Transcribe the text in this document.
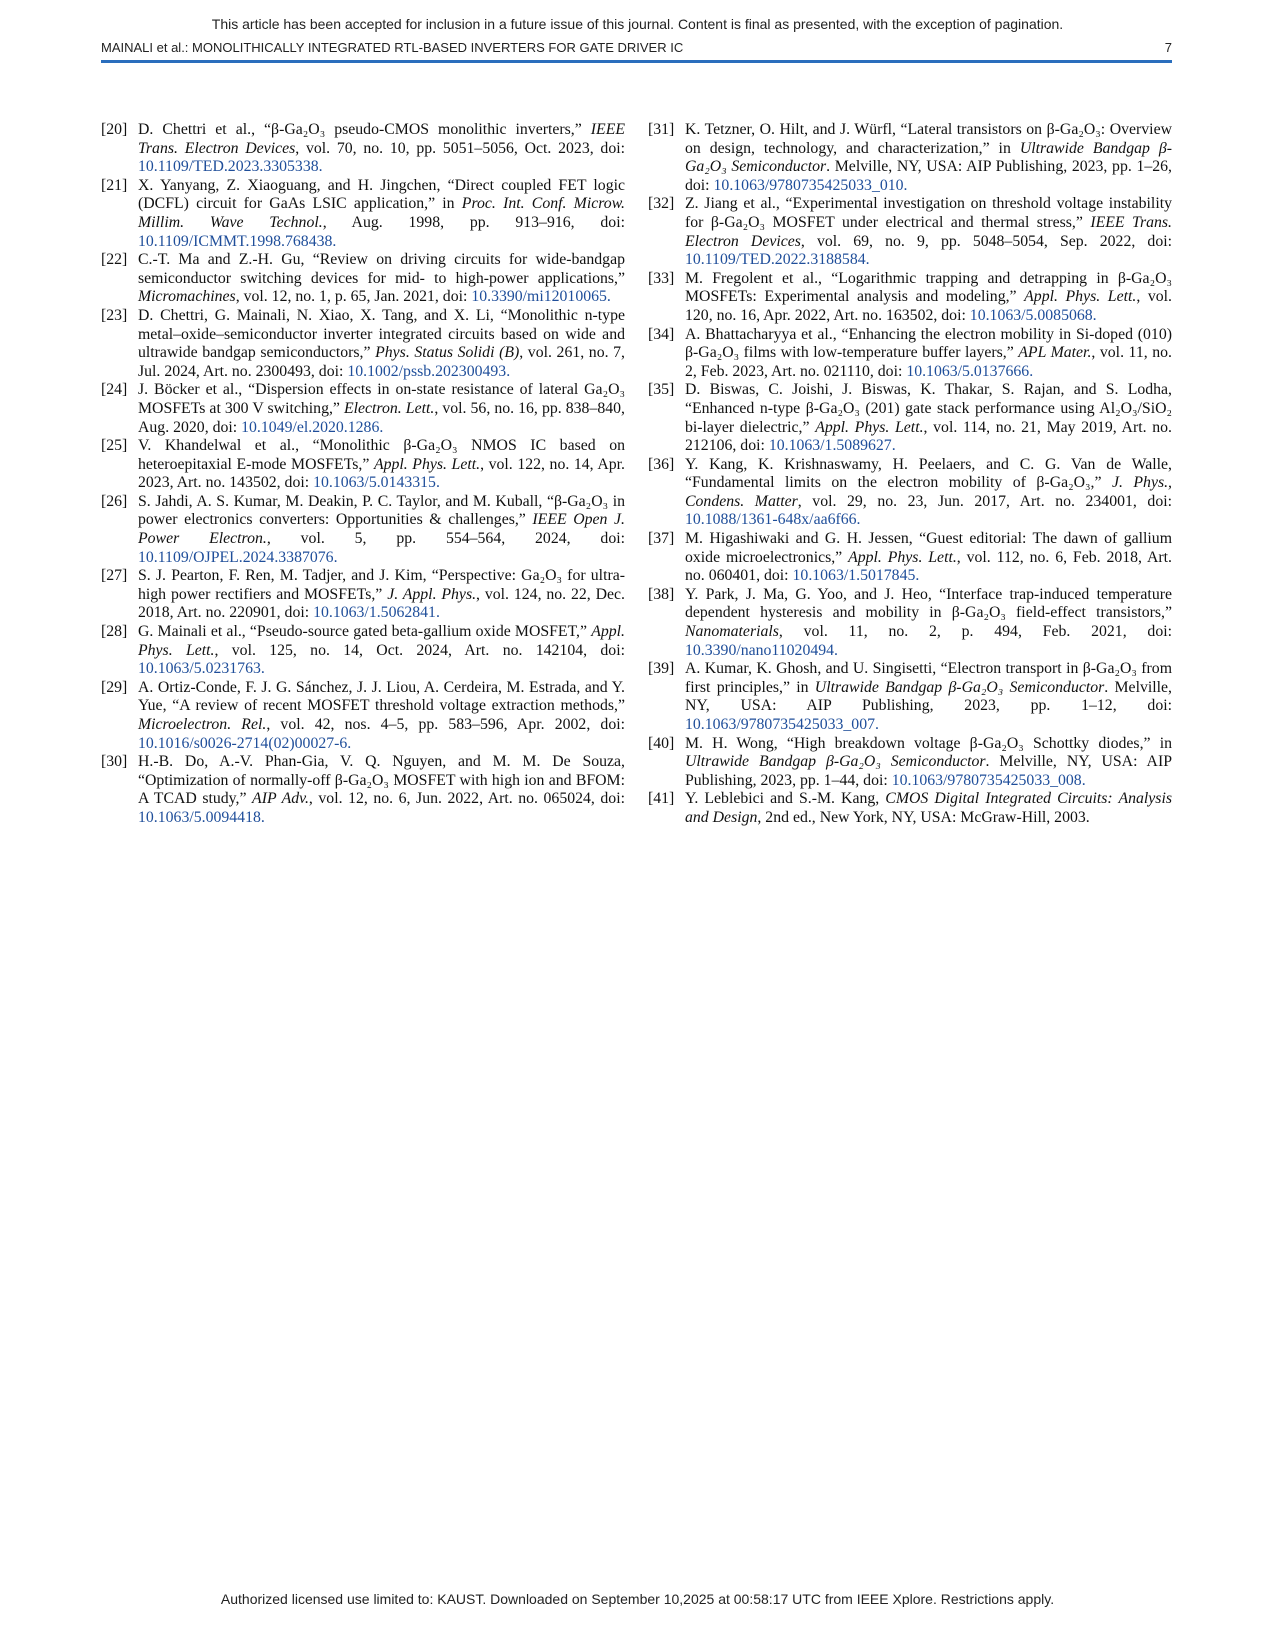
This article has been accepted for inclusion in a future issue of this journal. Content is final as presented, with the exception of pagination.
MAINALI et al.: MONOLITHICALLY INTEGRATED RTL-BASED INVERTERS FOR GATE DRIVER IC	7
[20] D. Chettri et al., “β-Ga₂O₃ pseudo-CMOS monolithic inverters,” IEEE Trans. Electron Devices, vol. 70, no. 10, pp. 5051–5056, Oct. 2023, doi: 10.1109/TED.2023.3305338.
[21] X. Yanyang, Z. Xiaoguang, and H. Jingchen, “Direct coupled FET logic (DCFL) circuit for GaAs LSIC application,” in Proc. Int. Conf. Microw. Millim. Wave Technol., Aug. 1998, pp. 913–916, doi: 10.1109/ICMMT.1998.768438.
[22] C.-T. Ma and Z.-H. Gu, “Review on driving circuits for wide-bandgap semiconductor switching devices for mid- to high-power applications,” Micromachines, vol. 12, no. 1, p. 65, Jan. 2021, doi: 10.3390/mi12010065.
[23] D. Chettri, G. Mainali, N. Xiao, X. Tang, and X. Li, “Monolithic n-type metal–oxide–semiconductor inverter integrated circuits based on wide and ultrawide bandgap semiconductors,” Phys. Status Solidi (B), vol. 261, no. 7, Jul. 2024, Art. no. 2300493, doi: 10.1002/pssb.202300493.
[24] J. Böcker et al., “Dispersion effects in on-state resistance of lateral Ga₂O₃ MOSFETs at 300 V switching,” Electron. Lett., vol. 56, no. 16, pp. 838–840, Aug. 2020, doi: 10.1049/el.2020.1286.
[25] V. Khandelwal et al., “Monolithic β-Ga₂O₃ NMOS IC based on heteroepitaxial E-mode MOSFETs,” Appl. Phys. Lett., vol. 122, no. 14, Apr. 2023, Art. no. 143502, doi: 10.1063/5.0143315.
[26] S. Jahdi, A. S. Kumar, M. Deakin, P. C. Taylor, and M. Kuball, “β-Ga₂O₃ in power electronics converters: Opportunities & challenges,” IEEE Open J. Power Electron., vol. 5, pp. 554–564, 2024, doi: 10.1109/OJPEL.2024.3387076.
[27] S. J. Pearton, F. Ren, M. Tadjer, and J. Kim, “Perspective: Ga₂O₃ for ultra-high power rectifiers and MOSFETs,” J. Appl. Phys., vol. 124, no. 22, Dec. 2018, Art. no. 220901, doi: 10.1063/1.5062841.
[28] G. Mainali et al., “Pseudo-source gated beta-gallium oxide MOSFET,” Appl. Phys. Lett., vol. 125, no. 14, Oct. 2024, Art. no. 142104, doi: 10.1063/5.0231763.
[29] A. Ortiz-Conde, F. J. G. Sánchez, J. J. Liou, A. Cerdeira, M. Estrada, and Y. Yue, “A review of recent MOSFET threshold voltage extraction methods,” Microelectron. Rel., vol. 42, nos. 4–5, pp. 583–596, Apr. 2002, doi: 10.1016/s0026-2714(02)00027-6.
[30] H.-B. Do, A.-V. Phan-Gia, V. Q. Nguyen, and M. M. De Souza, “Optimization of normally-off β-Ga₂O₃ MOSFET with high ion and BFOM: A TCAD study,” AIP Adv., vol. 12, no. 6, Jun. 2022, Art. no. 065024, doi: 10.1063/5.0094418.
[31] K. Tetzner, O. Hilt, and J. Würfl, “Lateral transistors on β-Ga₂O₃: Overview on design, technology, and characterization,” in Ultrawide Bandgap β-Ga₂O₃ Semiconductor. Melville, NY, USA: AIP Publishing, 2023, pp. 1–26, doi: 10.1063/9780735425033_010.
[32] Z. Jiang et al., “Experimental investigation on threshold voltage instability for β-Ga₂O₃ MOSFET under electrical and thermal stress,” IEEE Trans. Electron Devices, vol. 69, no. 9, pp. 5048–5054, Sep. 2022, doi: 10.1109/TED.2022.3188584.
[33] M. Fregolent et al., “Logarithmic trapping and detrapping in β-Ga₂O₃ MOSFETs: Experimental analysis and modeling,” Appl. Phys. Lett., vol. 120, no. 16, Apr. 2022, Art. no. 163502, doi: 10.1063/5.0085068.
[34] A. Bhattacharyya et al., “Enhancing the electron mobility in Si-doped (010) β-Ga₂O₃ films with low-temperature buffer layers,” APL Mater., vol. 11, no. 2, Feb. 2023, Art. no. 021110, doi: 10.1063/5.0137666.
[35] D. Biswas, C. Joishi, J. Biswas, K. Thakar, S. Rajan, and S. Lodha, “Enhanced n-type β-Ga₂O₃ (201) gate stack performance using Al₂O₃/SiO₂ bi-layer dielectric,” Appl. Phys. Lett., vol. 114, no. 21, May 2019, Art. no. 212106, doi: 10.1063/1.5089627.
[36] Y. Kang, K. Krishnaswamy, H. Peelaers, and C. G. Van de Walle, “Fundamental limits on the electron mobility of β-Ga₂O₃,” J. Phys., Condens. Matter, vol. 29, no. 23, Jun. 2017, Art. no. 234001, doi: 10.1088/1361-648x/aa6f66.
[37] M. Higashiwaki and G. H. Jessen, “Guest editorial: The dawn of gallium oxide microelectronics,” Appl. Phys. Lett., vol. 112, no. 6, Feb. 2018, Art. no. 060401, doi: 10.1063/1.5017845.
[38] Y. Park, J. Ma, G. Yoo, and J. Heo, “Interface trap-induced temperature dependent hysteresis and mobility in β-Ga₂O₃ field-effect transistors,” Nanomaterials, vol. 11, no. 2, p. 494, Feb. 2021, doi: 10.3390/nano11020494.
[39] A. Kumar, K. Ghosh, and U. Singisetti, “Electron transport in β-Ga₂O₃ from first principles,” in Ultrawide Bandgap β-Ga₂O₃ Semiconductor. Melville, NY, USA: AIP Publishing, 2023, pp. 1–12, doi: 10.1063/9780735425033_007.
[40] M. H. Wong, “High breakdown voltage β-Ga₂O₃ Schottky diodes,” in Ultrawide Bandgap β-Ga₂O₃ Semiconductor. Melville, NY, USA: AIP Publishing, 2023, pp. 1–44, doi: 10.1063/9780735425033_008.
[41] Y. Leblebici and S.-M. Kang, CMOS Digital Integrated Circuits: Analysis and Design, 2nd ed., New York, NY, USA: McGraw-Hill, 2003.
Authorized licensed use limited to: KAUST. Downloaded on September 10,2025 at 00:58:17 UTC from IEEE Xplore. Restrictions apply.
